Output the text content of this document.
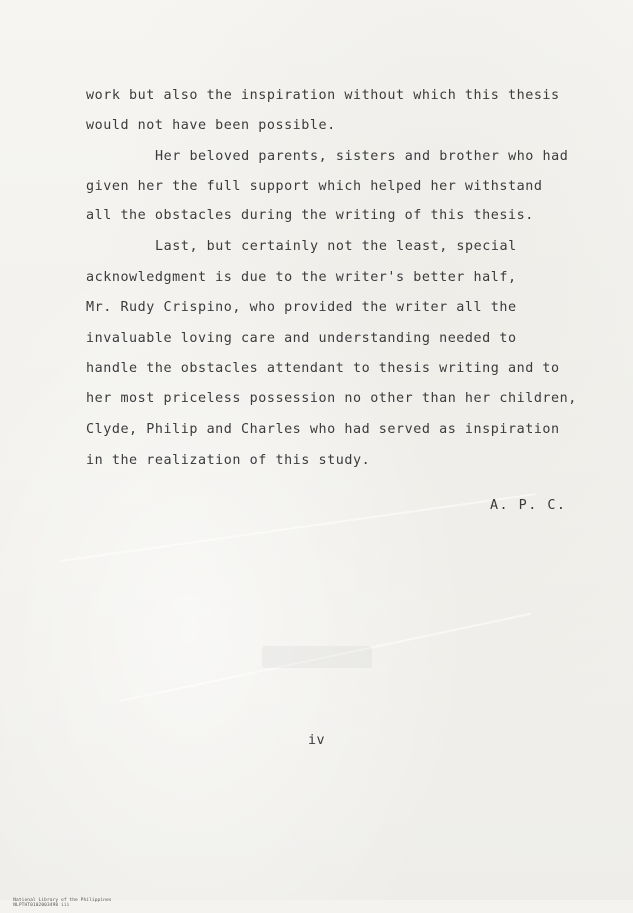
work but also the inspiration without which this thesis
would not have been possible.
Her beloved parents, sisters and brother who had
given her the full support which helped her withstand
all the obstacles during the writing of this thesis.
Last, but certainly not the least, special
acknowledgment is due to the writer's better half,
Mr. Rudy Crispino, who provided the writer all the
invaluable loving care and understanding needed to
handle the obstacles attendant to thesis writing and to
her most priceless possession no other than her children,
Clyde, Philip and Charles who had served as inspiration
in the realization of this study.
A. P. C.
iv

National Library of the Philippines
NLPTHT0102003498 iii
